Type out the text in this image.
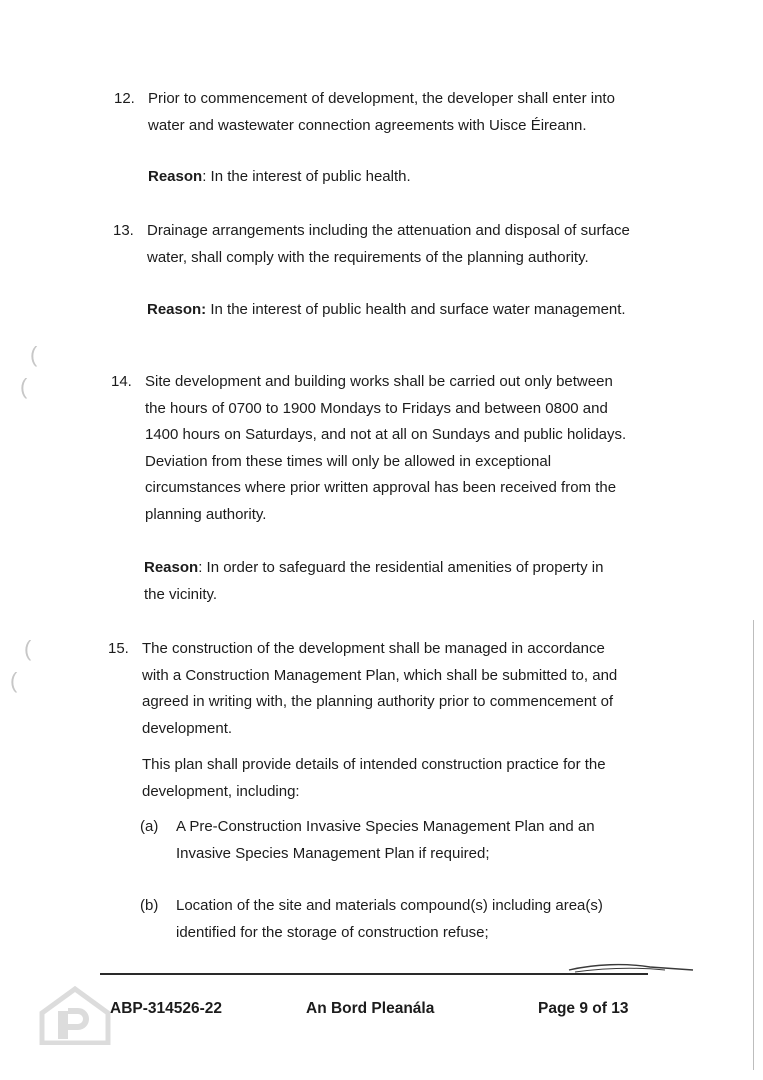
12. Prior to commencement of development, the developer shall enter into
water and wastewater connection agreements with Uisce Éireann.
Reason: In the interest of public health.
13. Drainage arrangements including the attenuation and disposal of surface
water, shall comply with the requirements of the planning authority.
Reason: In the interest of public health and surface water management.
14. Site development and building works shall be carried out only between
the hours of 0700 to 1900 Mondays to Fridays and between 0800 and
1400 hours on Saturdays, and not at all on Sundays and public holidays.
Deviation from these times will only be allowed in exceptional
circumstances where prior written approval has been received from the
planning authority.
Reason: In order to safeguard the residential amenities of property in
the vicinity.
15. The construction of the development shall be managed in accordance
with a Construction Management Plan, which shall be submitted to, and
agreed in writing with, the planning authority prior to commencement of
development.
This plan shall provide details of intended construction practice for the
development, including:
(a) A Pre-Construction Invasive Species Management Plan and an
Invasive Species Management Plan if required;
(b) Location of the site and materials compound(s) including area(s)
identified for the storage of construction refuse;
ABP-314526-22	An Bord Pleanála	Page 9 of 13
(
(
(
(
